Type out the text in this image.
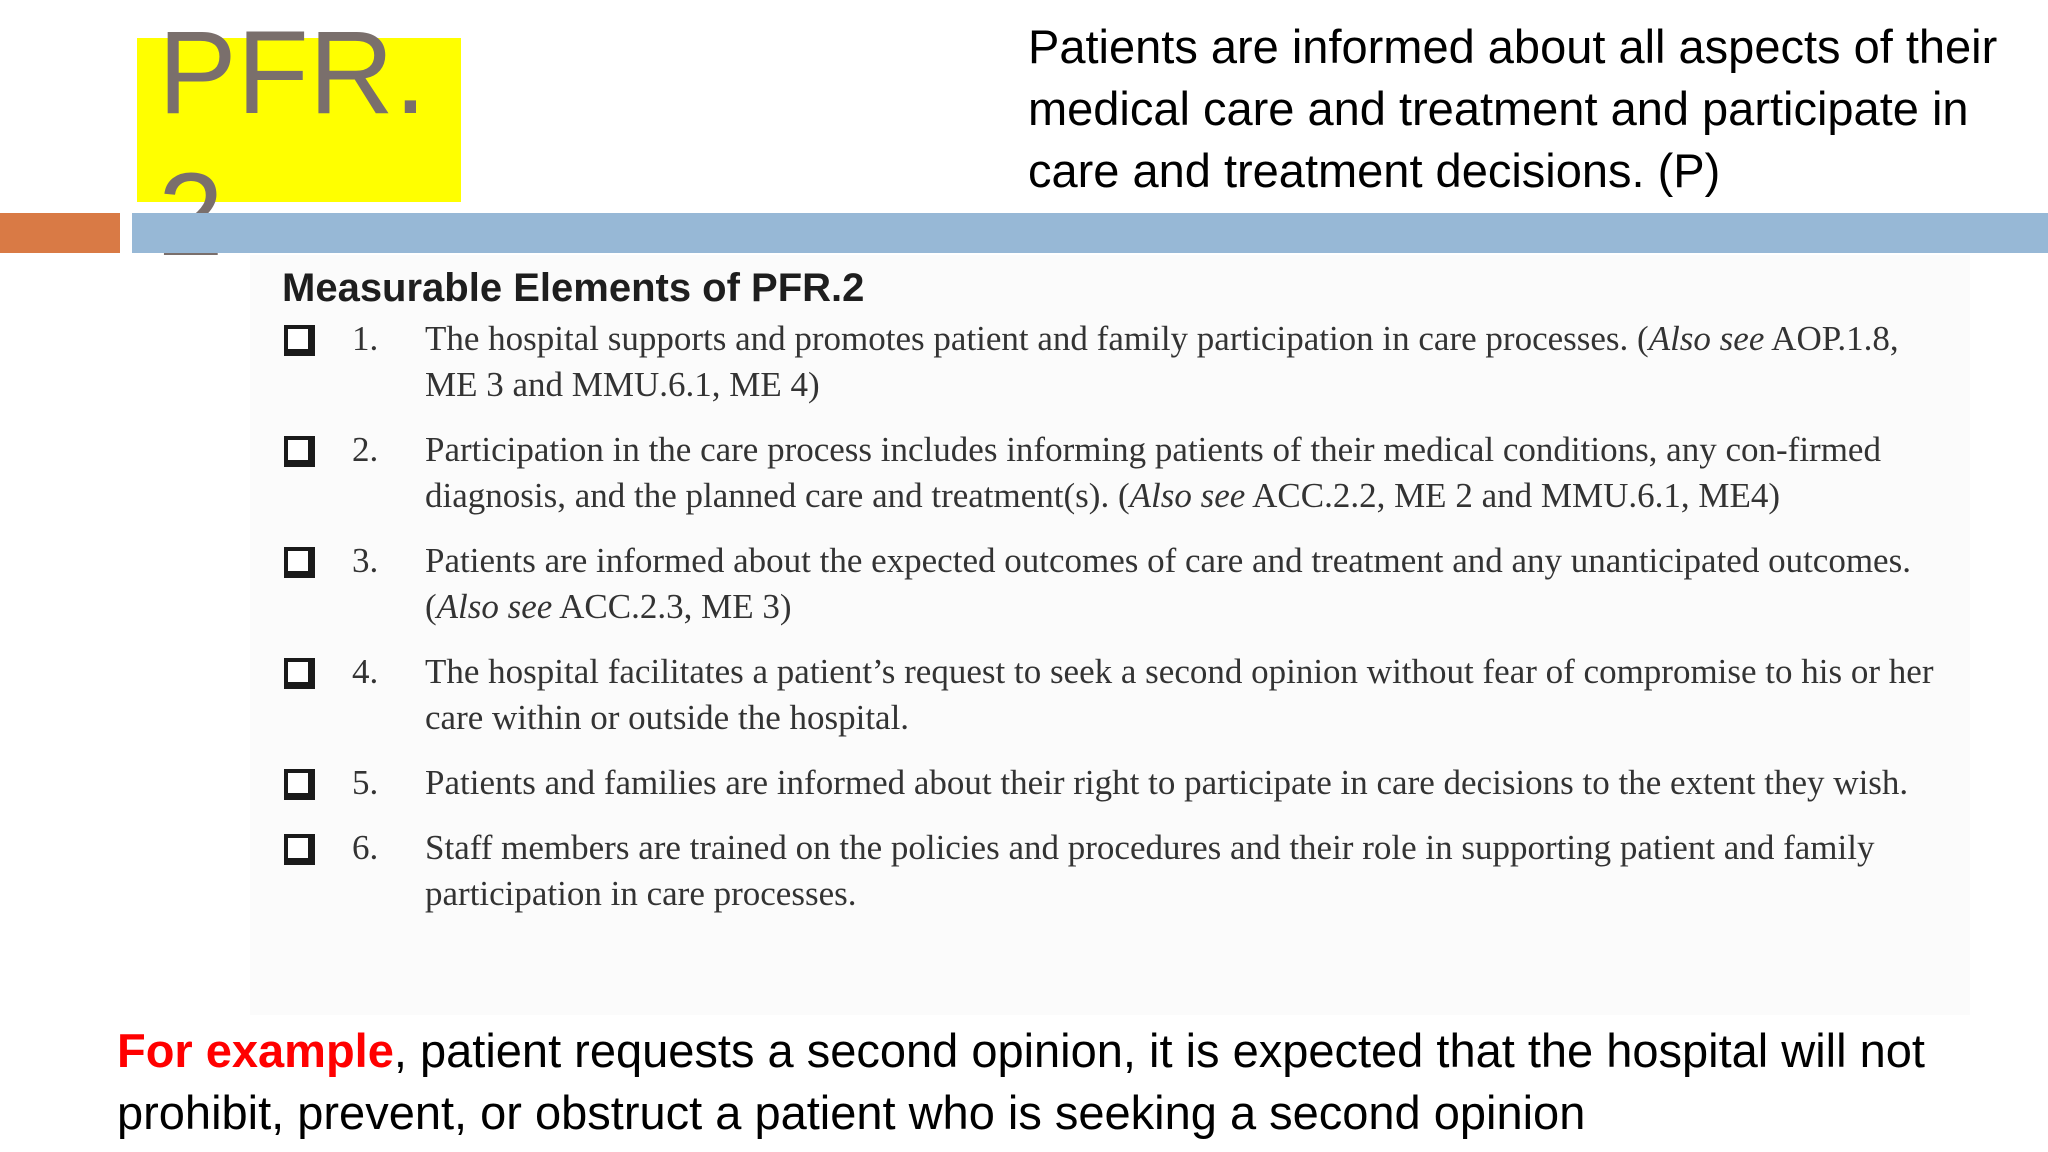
PFR.	Patients are informed about all aspects of their medical care and treatment and participate in care and treatment decisions. (P)

Measurable Elements of PFR.2
1. The hospital supports and promotes patient and family participation in care processes. (Also see AOP.1.8, ME 3 and MMU.6.1, ME 4)
2. Participation in the care process includes informing patients of their medical conditions, any con-firmed diagnosis, and the planned care and treatment(s). (Also see ACC.2.2, ME 2 and MMU.6.1, ME4)
3. Patients are informed about the expected outcomes of care and treatment and any unanticipated outcomes. (Also see ACC.2.3, ME 3)
4. The hospital facilitates a patient’s request to seek a second opinion without fear of compromise to his or her care within or outside the hospital.
5. Patients and families are informed about their right to participate in care decisions to the extent they wish.
6. Staff members are trained on the policies and procedures and their role in supporting patient and family participation in care processes.

For example, patient requests a second opinion, it is expected that the hospital will not prohibit, prevent, or obstruct a patient who is seeking a second opinion
